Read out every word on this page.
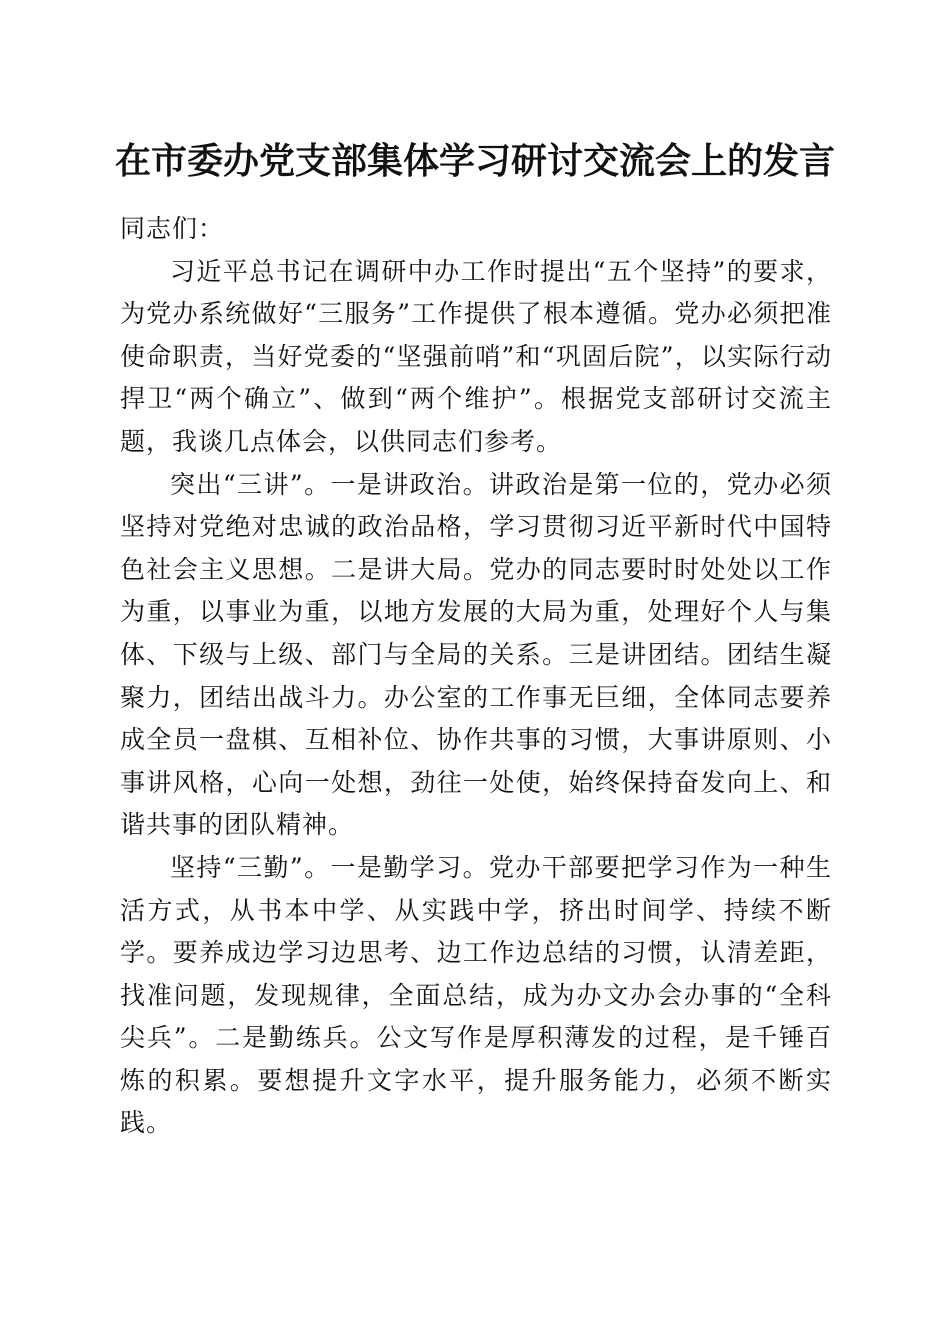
在市委办党支部集体学习研讨交流会上的发言

同志们：

习近平总书记在调研中办工作时提出“五个坚持”的要求，为党办系统做好“三服务”工作提供了根本遵循。党办必须把准使命职责，当好党委的“坚强前哨”和“巩固后院”，以实际行动捍卫“两个确立”、做到“两个维护”。根据党支部研讨交流主题，我谈几点体会，以供同志们参考。

突出“三讲”。一是讲政治。讲政治是第一位的，党办必须坚持对党绝对忠诚的政治品格，学习贯彻习近平新时代中国特色社会主义思想。二是讲大局。党办的同志要时时处处以工作为重，以事业为重，以地方发展的大局为重，处理好个人与集体、下级与上级、部门与全局的关系。三是讲团结。团结生凝聚力，团结出战斗力。办公室的工作事无巨细，全体同志要养成全员一盘棋、互相补位、协作共事的习惯，大事讲原则、小事讲风格，心向一处想，劲往一处使，始终保持奋发向上、和谐共事的团队精神。

坚持“三勤”。一是勤学习。党办干部要把学习作为一种生活方式，从书本中学、从实践中学，挤出时间学、持续不断学。要养成边学习边思考、边工作边总结的习惯，认清差距，找准问题，发现规律，全面总结，成为办文办会办事的“全科尖兵”。二是勤练兵。公文写作是厚积薄发的过程，是千锤百炼的积累。要想提升文字水平，提升服务能力，必须不断实践。
